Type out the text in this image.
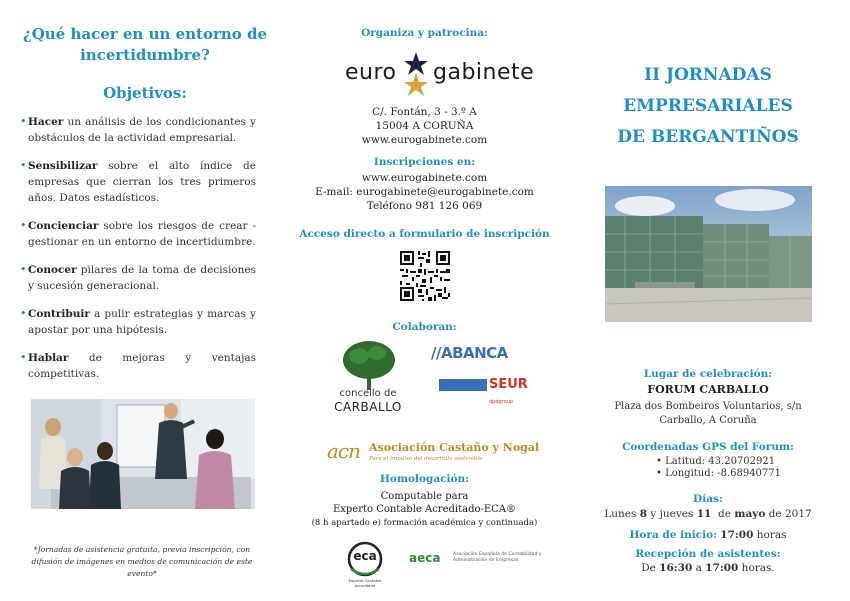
¿Qué hacer en un entorno de incertidumbre?
Objetivos:
• Hacer un análisis de los condicionantes y obstáculos de la actividad empresarial.
• Sensibilizar sobre el alto índice de empresas que cierran los tres primeros años. Datos estadísticos.
• Concienciar sobre los riesgos de crear - gestionar en un entorno de incertidumbre.
• Conocer pilares de la toma de decisiones y sucesión generacional.
• Contribuir a pulir estrategias y marcas y apostar por una hipótesis.
• Hablar de mejoras y ventajas competitivas.

*Jornadas de asistencia gratuita, previa inscripción, con difusión de imágenes en medios de comunicación de este evento*

Organiza y patrocina:
euro gabinete
C/. Fontán, 3 - 3.º A
15004 A CORUÑA
www.eurogabinete.com
Inscripciones en:
www.eurogabinete.com
E-mail: eurogabinete@eurogabinete.com
Teléfono 981 126 069
Acceso directo a formulario de inscripción
Colaboran:
concello de
CARBALLO
//ABANCA
SEUR
dpdgroup
acn Asociación Castaño y Nogal
Para el impulso del desarrollo sostenible
Homologación:
Computable para
Experto Contable Acreditado-ECA®
(8 h apartado e) formación académica y continuada)
eca
Experto Contable Acreditado
aeca	Asociación Española de Contabilidad y Administración de Empresas
II JORNADAS
EMPRESARIALES
DE BERGANTIÑOS
Lugar de celebración:
FORUM CARBALLO
Plaza dos Bombeiros Voluntarios, s/n
Carballo, A Coruña
Coordenadas GPS del Forum:
• Latitud: 43.20702921
• Longitud: -8.68940771
Días:
Lunes 8 y jueves 11  de mayo de 2017
Hora de inicio: 17:00 horas
Recepción de asistentes:
De 16:30 a 17:00 horas.
